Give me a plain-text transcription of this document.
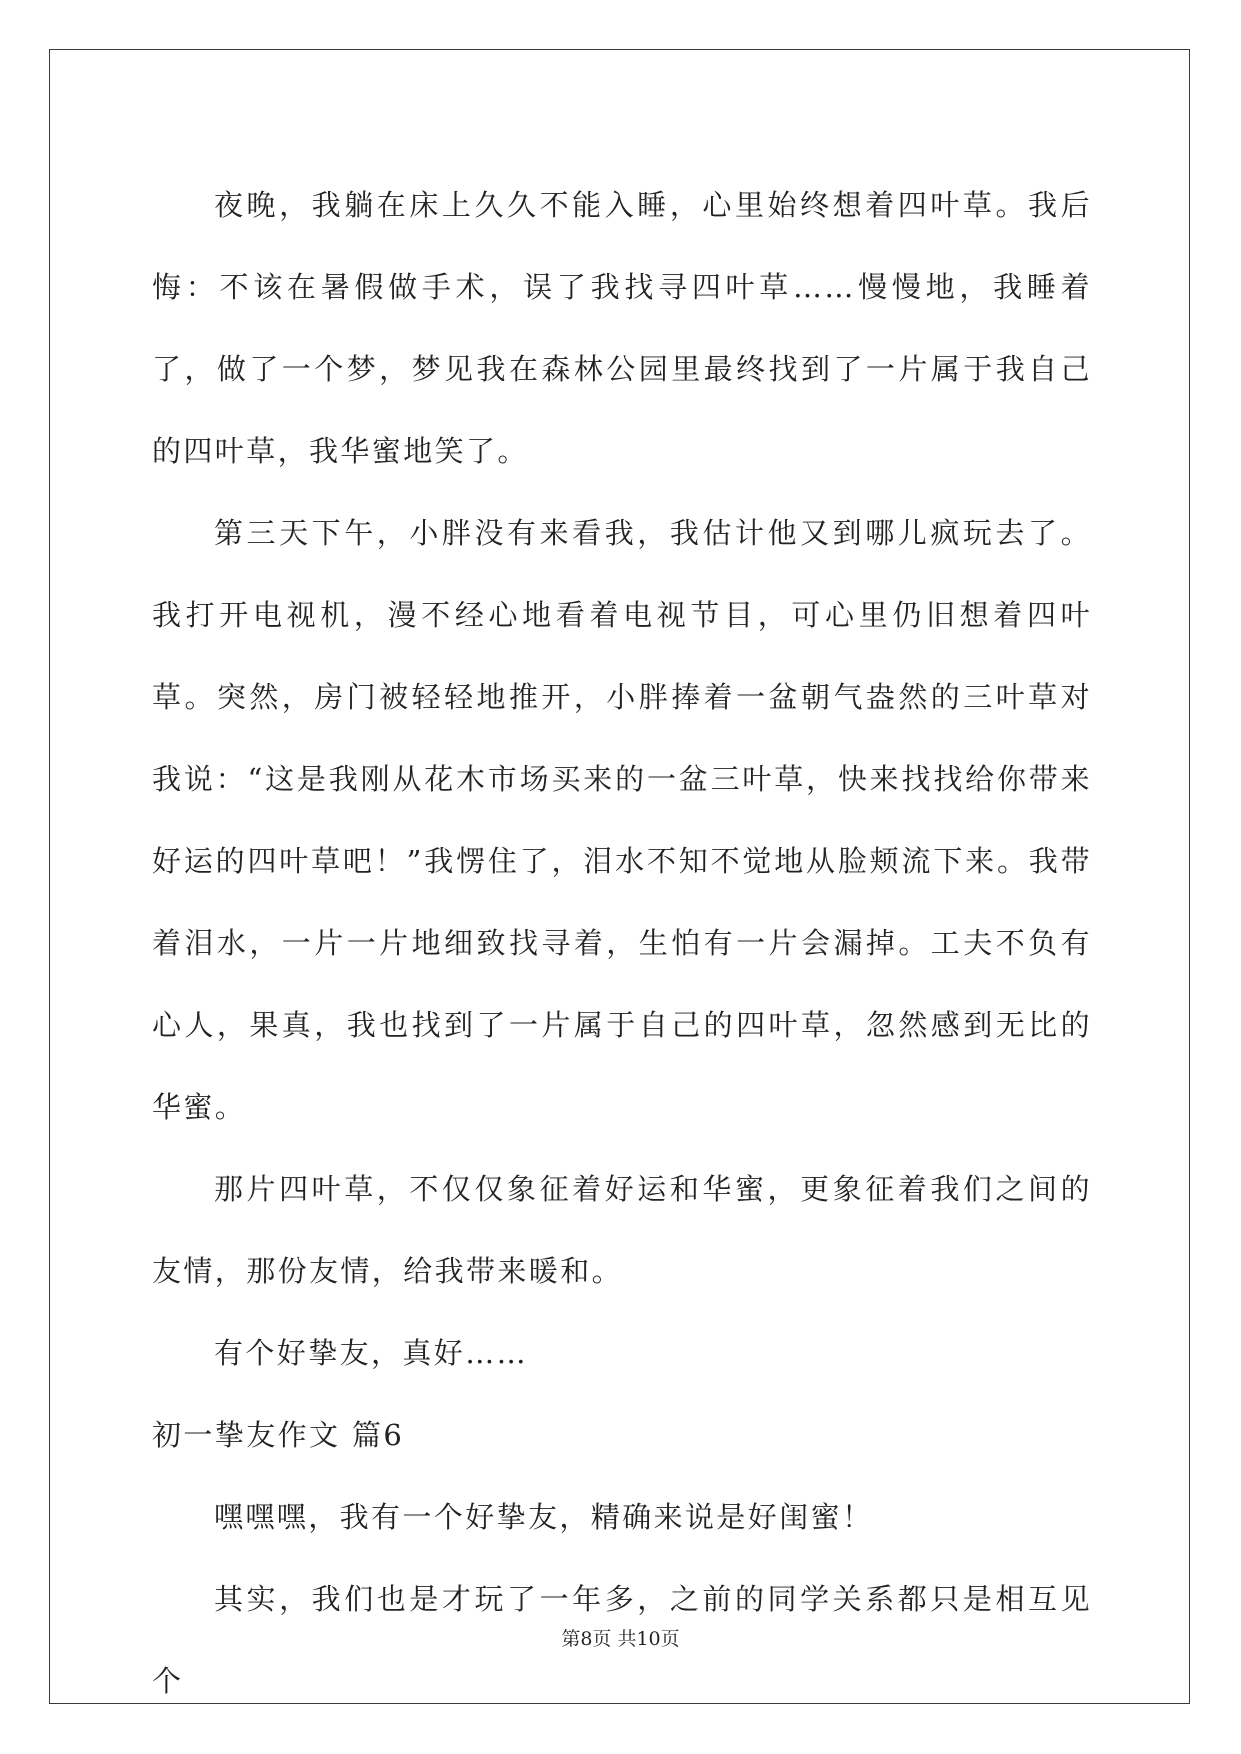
夜晚，我躺在床上久久不能入睡，心里始终想着四叶草。我后悔：不该在暑假做手术，误了我找寻四叶草……慢慢地，我睡着了，做了一个梦，梦见我在森林公园里最终找到了一片属于我自己的四叶草，我华蜜地笑了。

第三天下午，小胖没有来看我，我估计他又到哪儿疯玩去了。我打开电视机，漫不经心地看着电视节目，可心里仍旧想着四叶草。突然，房门被轻轻地推开，小胖捧着一盆朝气盎然的三叶草对我说：“这是我刚从花木市场买来的一盆三叶草，快来找找给你带来好运的四叶草吧！”我愣住了，泪水不知不觉地从脸颊流下来。我带着泪水，一片一片地细致找寻着，生怕有一片会漏掉。工夫不负有心人，果真，我也找到了一片属于自己的四叶草，忽然感到无比的华蜜。

那片四叶草，不仅仅象征着好运和华蜜，更象征着我们之间的友情，那份友情，给我带来暖和。

有个好挚友，真好……

初一挚友作文 篇6

嘿嘿嘿，我有一个好挚友，精确来说是好闺蜜！

其实，我们也是才玩了一年多，之前的同学关系都只是相互见个

第8页 共10页
